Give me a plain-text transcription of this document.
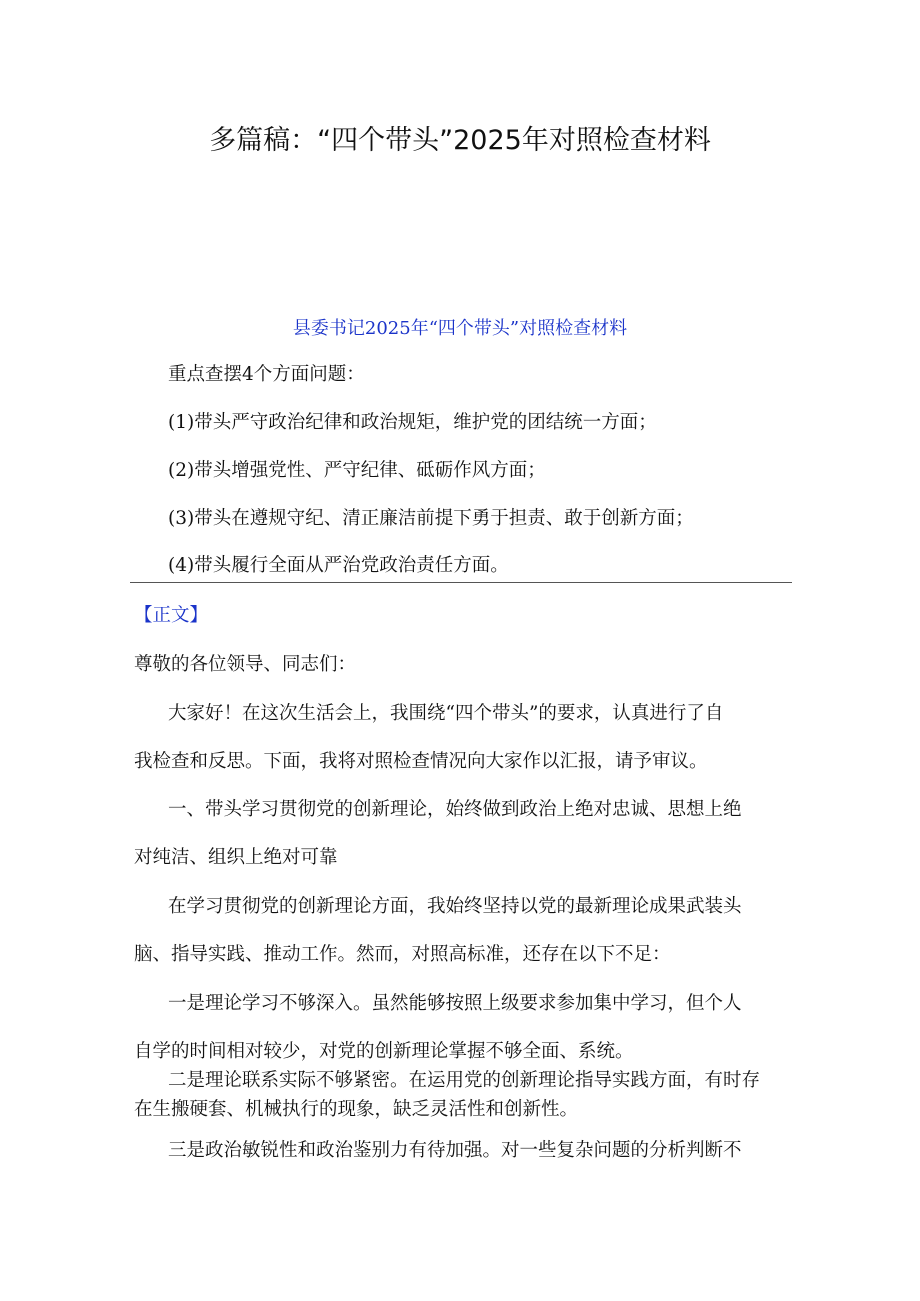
多篇稿：“四个带头”2025年对照检查材料
县委书记2025年“四个带头”对照检查材料
重点查摆4个方面问题：
(1)带头严守政治纪律和政治规矩，维护党的团结统一方面；
(2)带头增强党性、严守纪律、砥砺作风方面；
(3)带头在遵规守纪、清正廉洁前提下勇于担责、敢于创新方面；
(4)带头履行全面从严治党政治责任方面。
【正文】
尊敬的各位领导、同志们：
大家好！在这次生活会上，我围绕“四个带头”的要求，认真进行了自
我检查和反思。下面，我将对照检查情况向大家作以汇报，请予审议。
一、带头学习贯彻党的创新理论，始终做到政治上绝对忠诚、思想上绝
对纯洁、组织上绝对可靠
在学习贯彻党的创新理论方面，我始终坚持以党的最新理论成果武装头
脑、指导实践、推动工作。然而，对照高标准，还存在以下不足：
一是理论学习不够深入。虽然能够按照上级要求参加集中学习，但个人
自学的时间相对较少，对党的创新理论掌握不够全面、系统。
二是理论联系实际不够紧密。在运用党的创新理论指导实践方面，有时存
在生搬硬套、机械执行的现象，缺乏灵活性和创新性。
三是政治敏锐性和政治鉴别力有待加强。对一些复杂问题的分析判断不
